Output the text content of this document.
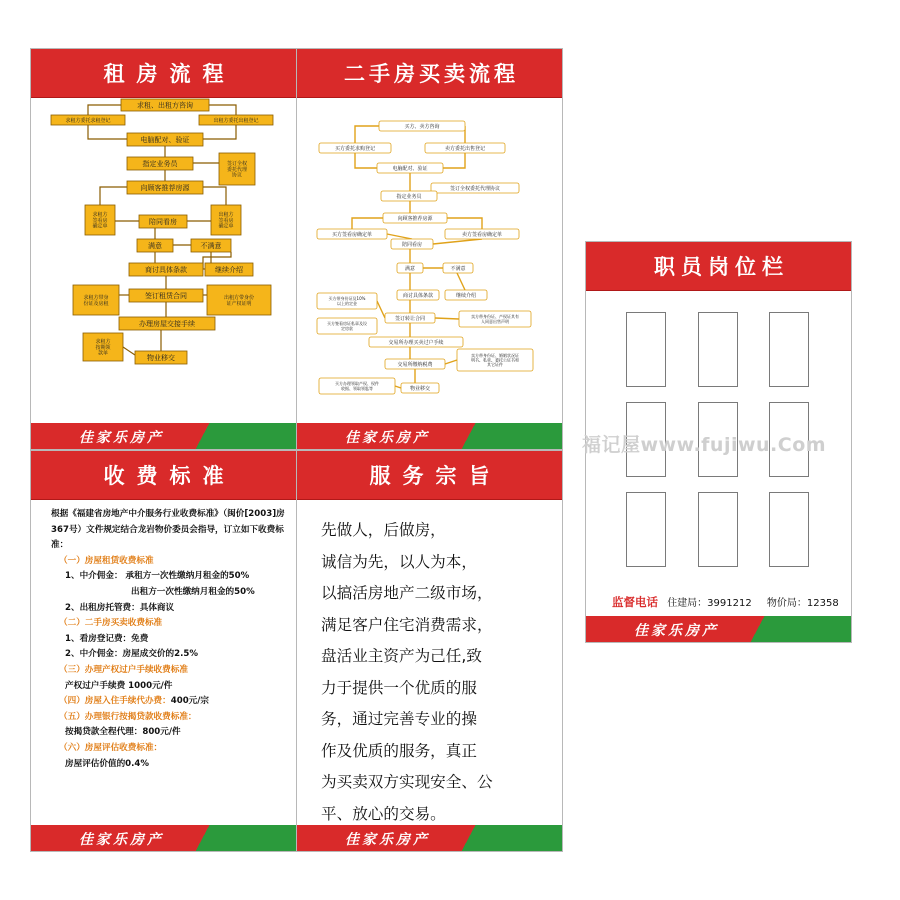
租房流程
求租、出租方咨询
求租方委托求租登记	出租方委托出租登记
电脑配对、验证
指定业务员	签订全权
委托代理
协议
向顾客推荐房源
求租方
签看房
确定单
出租方
签看房
确定单
陪同看房
满意	不满意
商讨具体条款	继续介绍
求租方带身
份证及房租
签订租赁合同	出租方带身份
证产权证明
办理房屋交接手续
求租方
按期领
款单
物业移交
佳家乐房产
二手房买卖流程
买方、卖方咨询
买方委托求购登记	卖方委托出售登记
电脑配对、验证
签订全权委托代理协议
指定业务员
向顾客推荐房源
买方签看房确定单	卖方签看房确定单
陪同看房
满意	不满意
商讨具体条款	继续介绍
买方带身份证及10%
以上的定金
签订转让合同	卖方带身份证、产权证其有
人同意出售声明
买方签看房证私章及设
定房款
交易所办理买卖过户手续
交易所缴纳税费
卖方带身份证、婚姻状况证
明书、私章、委托公证书和
其它证件
买方办理领取产权、权件
收据、领取领匙等	物业移交
佳家乐房产
收费标准
根据《福建省房地产中介服务行业收费标准》（闽价[2003]房367号）文件规定结合龙岩物价委员会指导，订立如下收费标准：
（一）房屋租赁收费标准
1、中介佣金： 承租方一次性缴纳月租金的50%
出租方一次性缴纳月租金的50%
2、出租房托管费：具体商议
（二）二手房买卖收费标准
1、看房登记费：免费
2、中介佣金：房屋成交价的2.5%
（三）办理产权过户手续收费标准
产权过户手续费 1000元/件
（四）房屋入住手续代办费：400元/宗
（五）办理银行按揭贷款收费标准：
按揭贷款全程代理：800元/件
（六）房屋评估收费标准：
房屋评估价值的0.4%
佳家乐房产
服务宗旨
先做人，后做房，
诚信为先，以人为本，
以搞活房地产二级市场，
满足客户住宅消费需求，
盘活业主资产为己任,致
力于提供一个优质的服
务，通过完善专业的操
作及优质的服务，真正
为买卖双方实现安全、公
平、放心的交易。
佳家乐房产
职员岗位栏
监督电话 住建局：3991212 物价局：12358
佳家乐房产
福记屋www.fujiwu.Com
